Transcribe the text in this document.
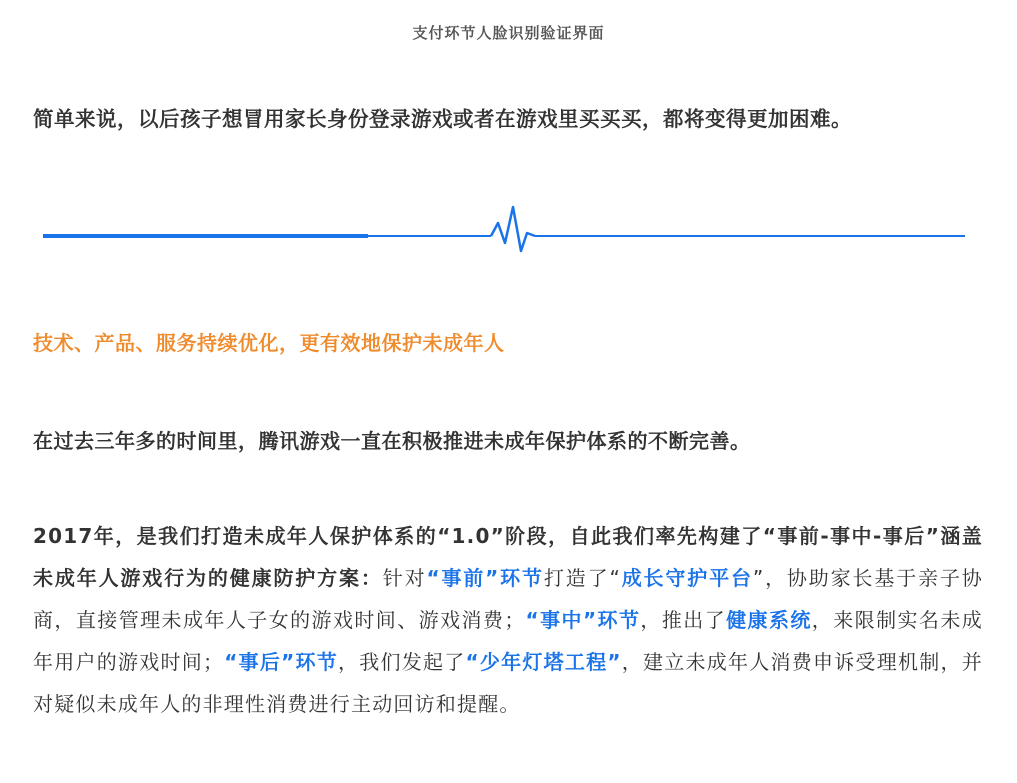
支付环节人脸识别验证界面
简单来说，以后孩子想冒用家长身份登录游戏或者在游戏里买买买，都将变得更加困难。
技术、产品、服务持续优化，更有效地保护未成年人
在过去三年多的时间里，腾讯游戏一直在积极推进未成年保护体系的不断完善。
2017年，是我们打造未成年人保护体系的“1.0”阶段，自此我们率先构建了“事前-事中-事后”涵盖未成年人游戏行为的健康防护方案：针对“事前”环节打造了“成长守护平台”，协助家长基于亲子协商，直接管理未成年人子女的游戏时间、游戏消费；“事中”环节，推出了健康系统，来限制实名未成年用户的游戏时间；“事后”环节，我们发起了“少年灯塔工程”，建立未成年人消费申诉受理机制，并对疑似未成年人的非理性消费进行主动回访和提醒。
